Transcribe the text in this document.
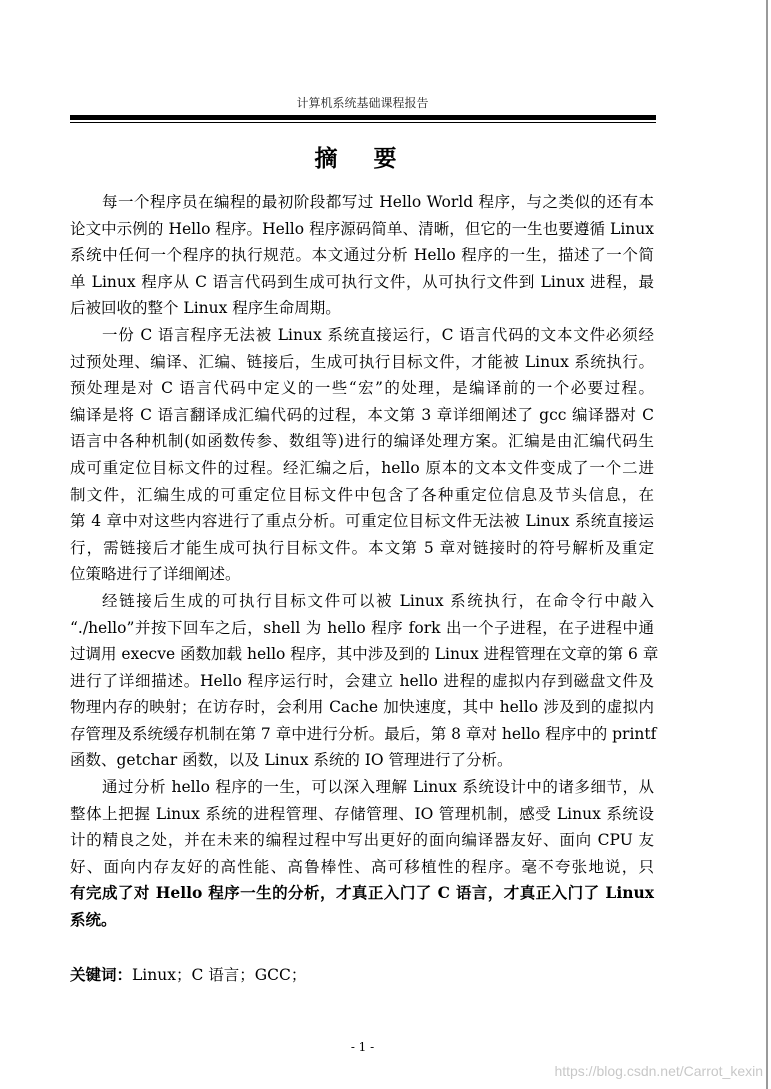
计算机系统基础课程报告
摘 要
每一个程序员在编程的最初阶段都写过 Hello World 程序，与之类似的还有本
论文中示例的 Hello 程序。Hello 程序源码简单、清晰，但它的一生也要遵循 Linux
系统中任何一个程序的执行规范。本文通过分析 Hello 程序的一生，描述了一个简
单 Linux 程序从 C 语言代码到生成可执行文件，从可执行文件到 Linux 进程，最
后被回收的整个 Linux 程序生命周期。
一份 C 语言程序无法被 Linux 系统直接运行，C 语言代码的文本文件必须经
过预处理、编译、汇编、链接后，生成可执行目标文件，才能被 Linux 系统执行。
预处理是对 C 语言代码中定义的一些“宏”的处理，是编译前的一个必要过程。
编译是将 C 语言翻译成汇编代码的过程，本文第 3 章详细阐述了 gcc 编译器对 C
语言中各种机制(如函数传参、数组等)进行的编译处理方案。汇编是由汇编代码生
成可重定位目标文件的过程。经汇编之后，hello 原本的文本文件变成了一个二进
制文件，汇编生成的可重定位目标文件中包含了各种重定位信息及节头信息，在
第 4 章中对这些内容进行了重点分析。可重定位目标文件无法被 Linux 系统直接运
行，需链接后才能生成可执行目标文件。本文第 5 章对链接时的符号解析及重定
位策略进行了详细阐述。
经链接后生成的可执行目标文件可以被 Linux 系统执行，在命令行中敲入
“./hello”并按下回车之后，shell 为 hello 程序 fork 出一个子进程，在子进程中通
过调用 execve 函数加载 hello 程序，其中涉及到的 Linux 进程管理在文章的第 6 章
进行了详细描述。Hello 程序运行时，会建立 hello 进程的虚拟内存到磁盘文件及
物理内存的映射；在访存时，会利用 Cache 加快速度，其中 hello 涉及到的虚拟内
存管理及系统缓存机制在第 7 章中进行分析。最后，第 8 章对 hello 程序中的 printf
函数、getchar 函数，以及 Linux 系统的 IO 管理进行了分析。
通过分析 hello 程序的一生，可以深入理解 Linux 系统设计中的诸多细节，从
整体上把握 Linux 系统的进程管理、存储管理、IO 管理机制，感受 Linux 系统设
计的精良之处，并在未来的编程过程中写出更好的面向编译器友好、面向 CPU 友
好、面向内存友好的高性能、高鲁棒性、高可移植性的程序。毫不夸张地说，只
有完成了对 Hello 程序一生的分析，才真正入门了 C 语言，才真正入门了 Linux
系统。
关键词：Linux；C 语言；GCC；
- 1 -
https://blog.csdn.net/Carrot_kexin
